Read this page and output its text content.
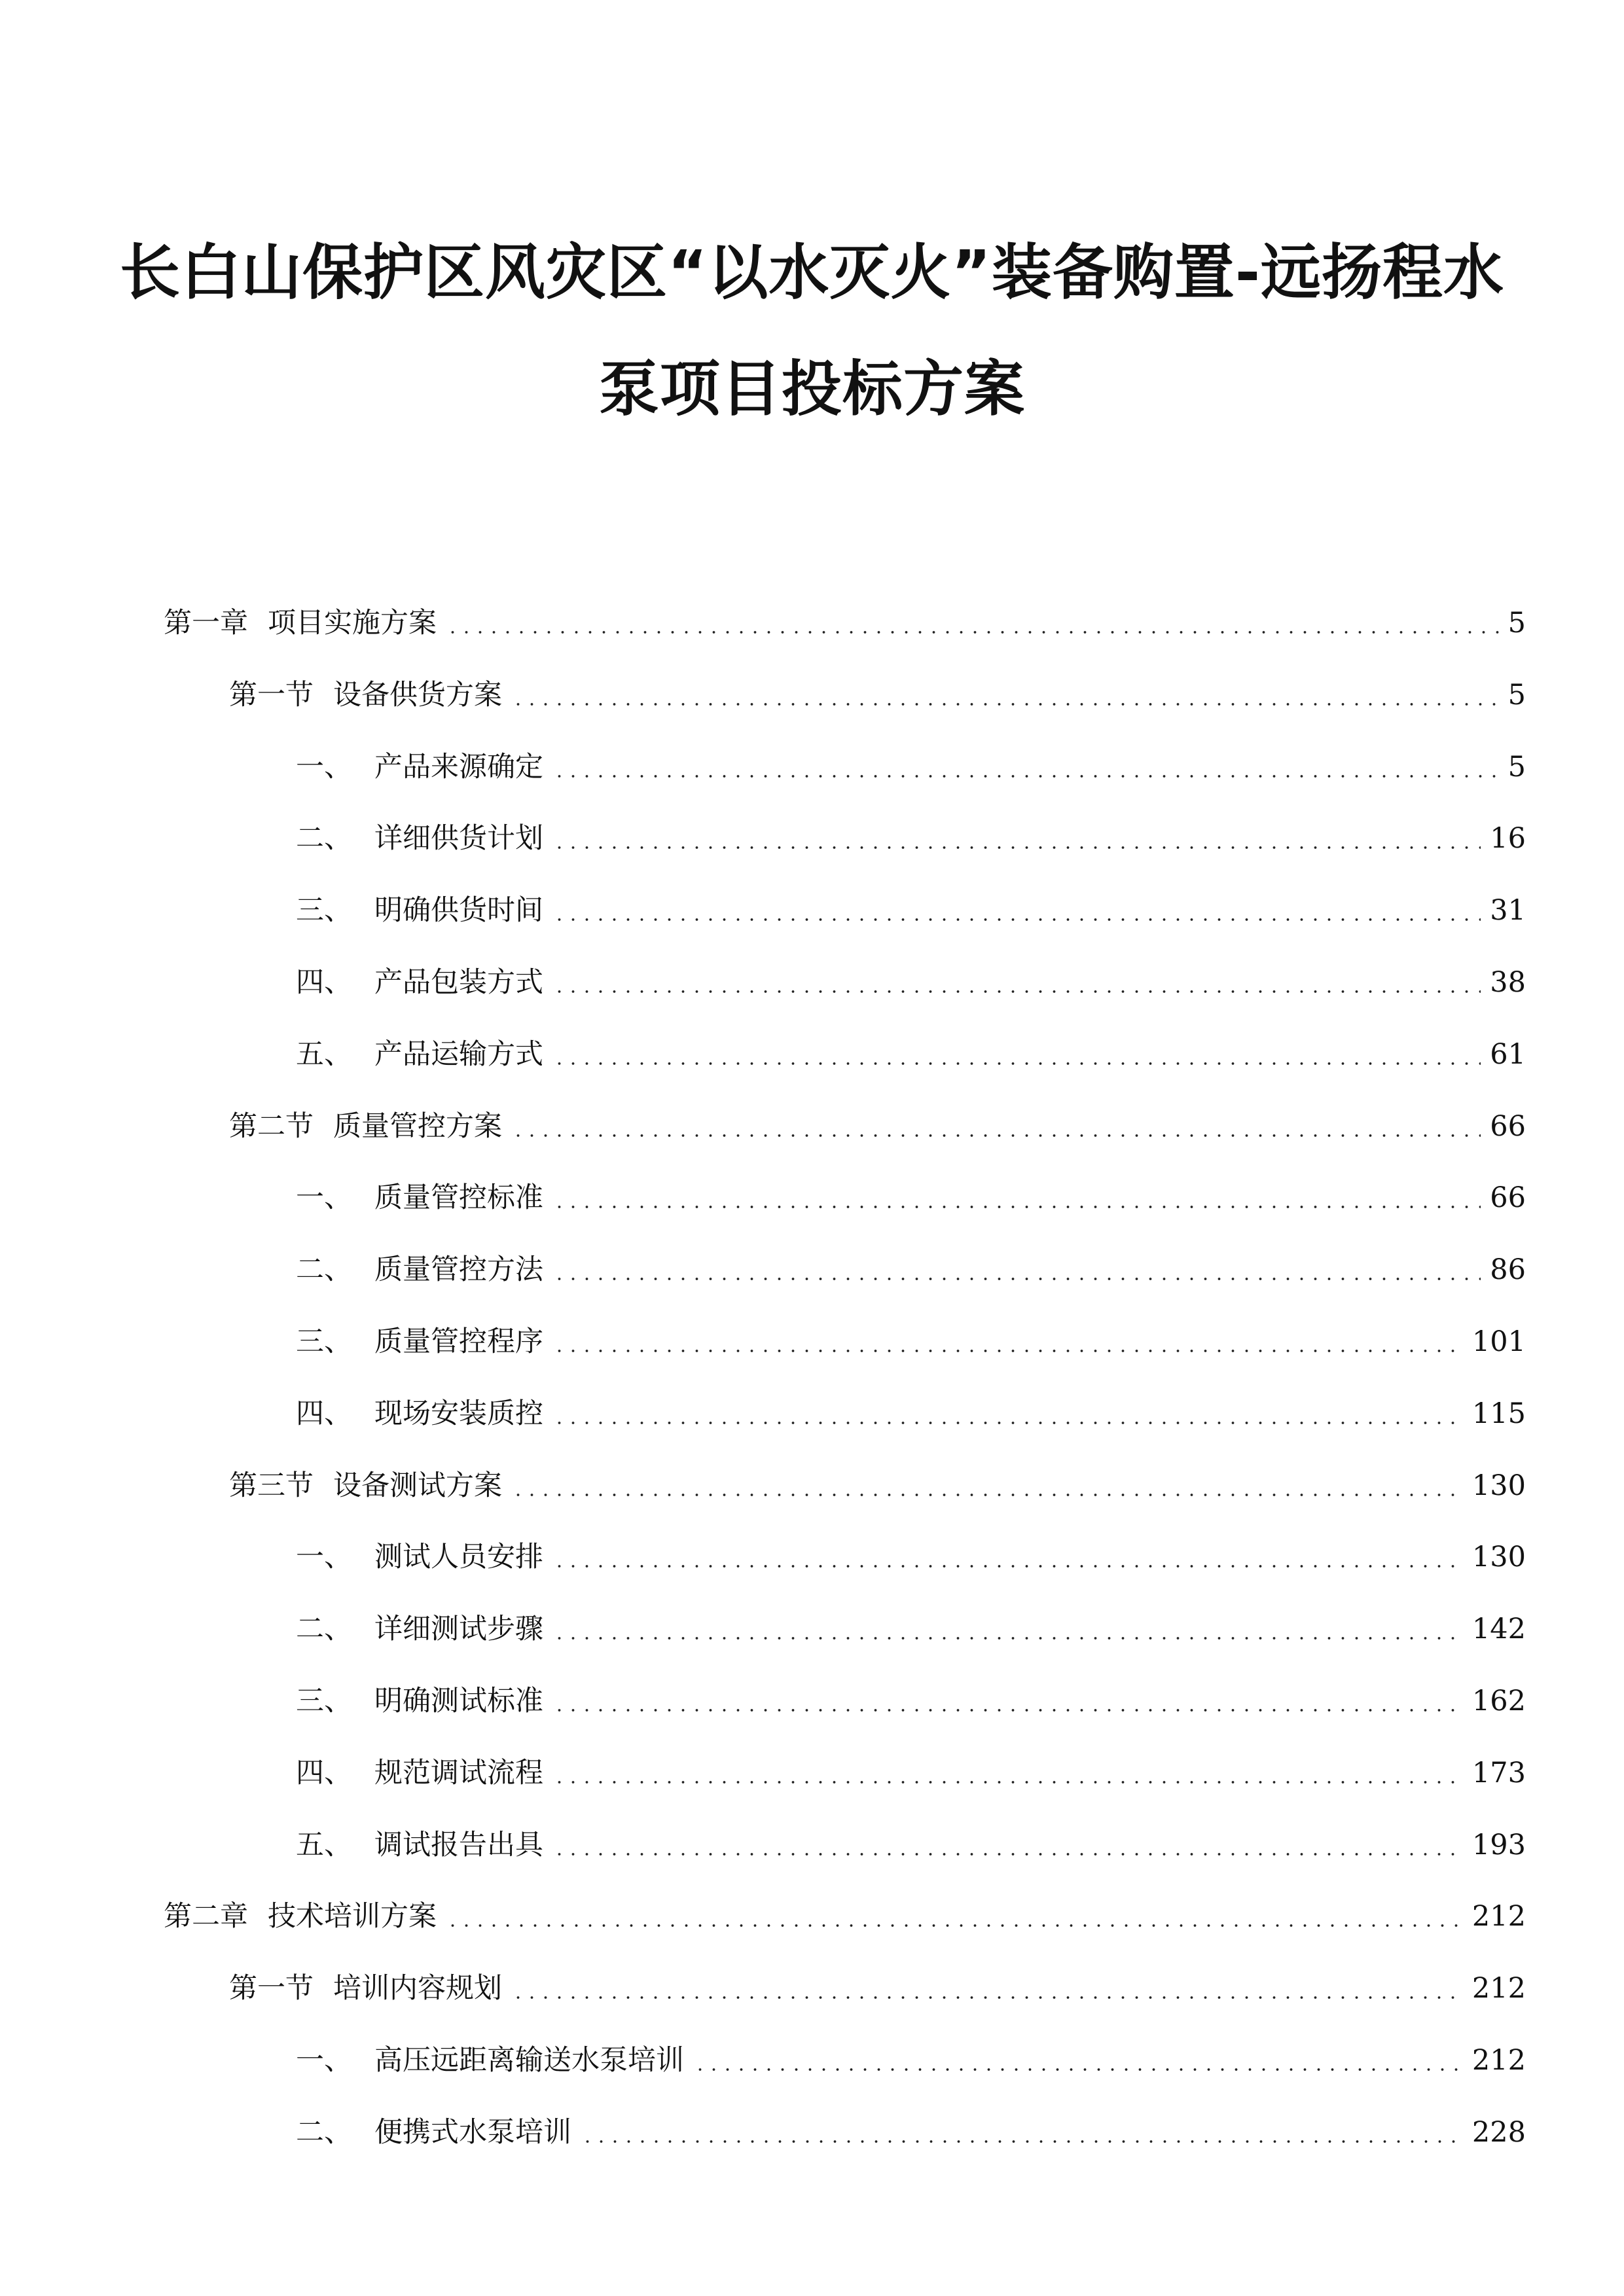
长白山保护区风灾区“以水灭火”装备购置-远扬程水
泵项目投标方案
第一章 项目实施方案	5
第一节 设备供货方案	5
一、 产品来源确定	5
二、 详细供货计划	16
三、 明确供货时间	31
四、 产品包装方式	38
五、 产品运输方式	61
第二节 质量管控方案	66
一、 质量管控标准	66
二、 质量管控方法	86
三、 质量管控程序	101
四、 现场安装质控	115
第三节 设备测试方案	130
一、 测试人员安排	130
二、 详细测试步骤	142
三、 明确测试标准	162
四、 规范调试流程	173
五、 调试报告出具	193
第二章 技术培训方案	212
第一节 培训内容规划	212
一、 高压远距离输送水泵培训	212
二、 便携式水泵培训	228
